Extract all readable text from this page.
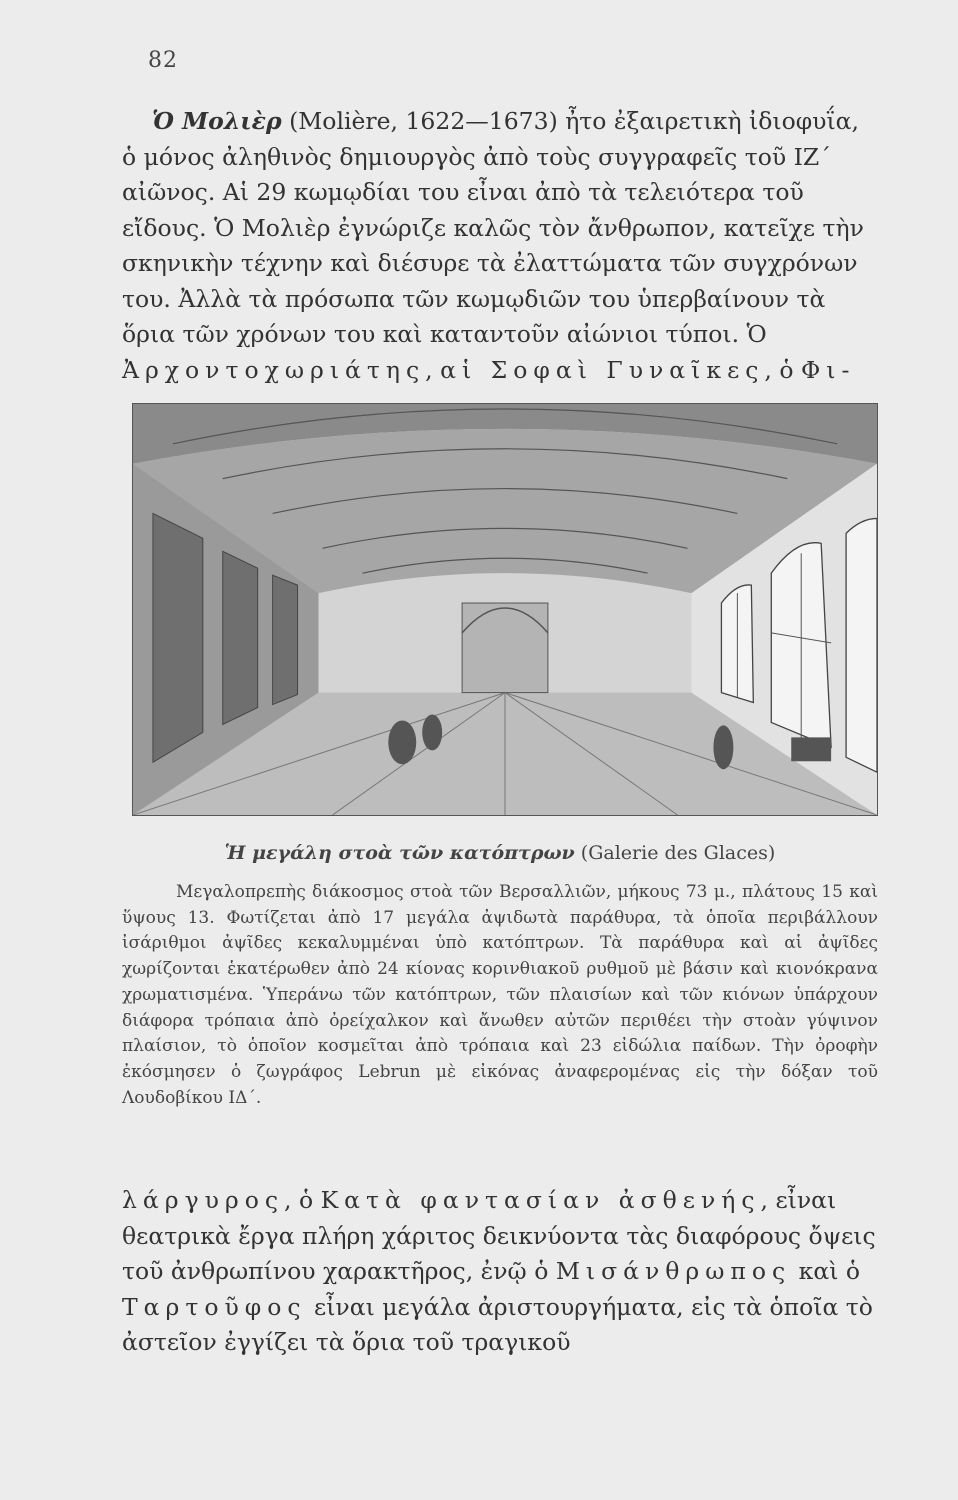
82

Ὁ Μολιὲρ (Molière, 1622—1673) ἦτο ἐξαιρετικὴ ἰδιοφυΐα, ὁ μόνος ἀληθινὸς δημιουργὸς ἀπὸ τοὺς συγγραφεῖς τοῦ ΙΖ΄ αἰῶνος. Αἱ 29 κωμῳδίαι του εἶναι ἀπὸ τὰ τελειότερα τοῦ εἴδους. Ὁ Μολιὲρ ἐγνώριζε καλῶς τὸν ἄνθρωπον, κατεῖχε τὴν σκηνικὴν τέχνην καὶ διέσυρε τὰ ἐλαττώματα τῶν συγχρόνων του. Ἀλλὰ τὰ πρόσωπα τῶν κωμῳδιῶν του ὑπερβαίνουν τὰ ὅρια τῶν χρόνων του καὶ καταντοῦν αἰώνιοι τύποι. Ὁ Ἀρχοντοχωριάτης, αἱ Σοφαὶ Γυναῖκες, ὁ Φι-

Ἡ μεγάλη στοὰ τῶν κατόπτρων (Galerie des Glaces)

Μεγαλοπρεπὴς διάκοσμος στοὰ τῶν Βερσαλλιῶν, μήκους 73 μ., πλάτους 15 καὶ ὕψους 13. Φωτίζεται ἀπὸ 17 μεγάλα ἀψιδωτὰ παράθυρα, τὰ ὁποῖα περιβάλλουν ἰσάριθμοι ἀψῖδες κεκαλυμμέναι ὑπὸ κατόπτρων. Τὰ παράθυρα καὶ αἱ ἀψῖδες χωρίζονται ἑκατέρωθεν ἀπὸ 24 κίονας κορινθιακοῦ ρυθμοῦ μὲ βάσιν καὶ κιονόκρανα χρωματισμένα. Ὑπεράνω τῶν κατόπτρων, τῶν πλαισίων καὶ τῶν κιόνων ὑπάρχουν διάφορα τρόπαια ἀπὸ ὀρείχαλκον καὶ ἄνωθεν αὐτῶν περιθέει τὴν στοὰν γύψινον πλαίσιον, τὸ ὁποῖον κοσμεῖται ἀπὸ τρόπαια καὶ 23 εἰδώλια παίδων. Τὴν ὀροφὴν ἐκόσμησεν ὁ ζωγράφος Lebrun μὲ εἰκόνας ἀναφερομένας εἰς τὴν δόξαν τοῦ Λουδοβίκου ΙΔ΄.

λάργυρος, ὁ Κατὰ φαντασίαν ἀσθενής, εἶναι θεατρικὰ ἔργα πλήρη χάριτος δεικνύοντα τὰς διαφόρους ὄψεις τοῦ ἀνθρωπίνου χαρακτῆρος, ἐνῷ ὁ Μισάνθρωπος καὶ ὁ Ταρτοῦφος εἶναι μεγάλα ἀριστουργήματα, εἰς τὰ ὁποῖα τὸ ἀστεῖον ἐγγίζει τὰ ὅρια τοῦ τραγικοῦ
